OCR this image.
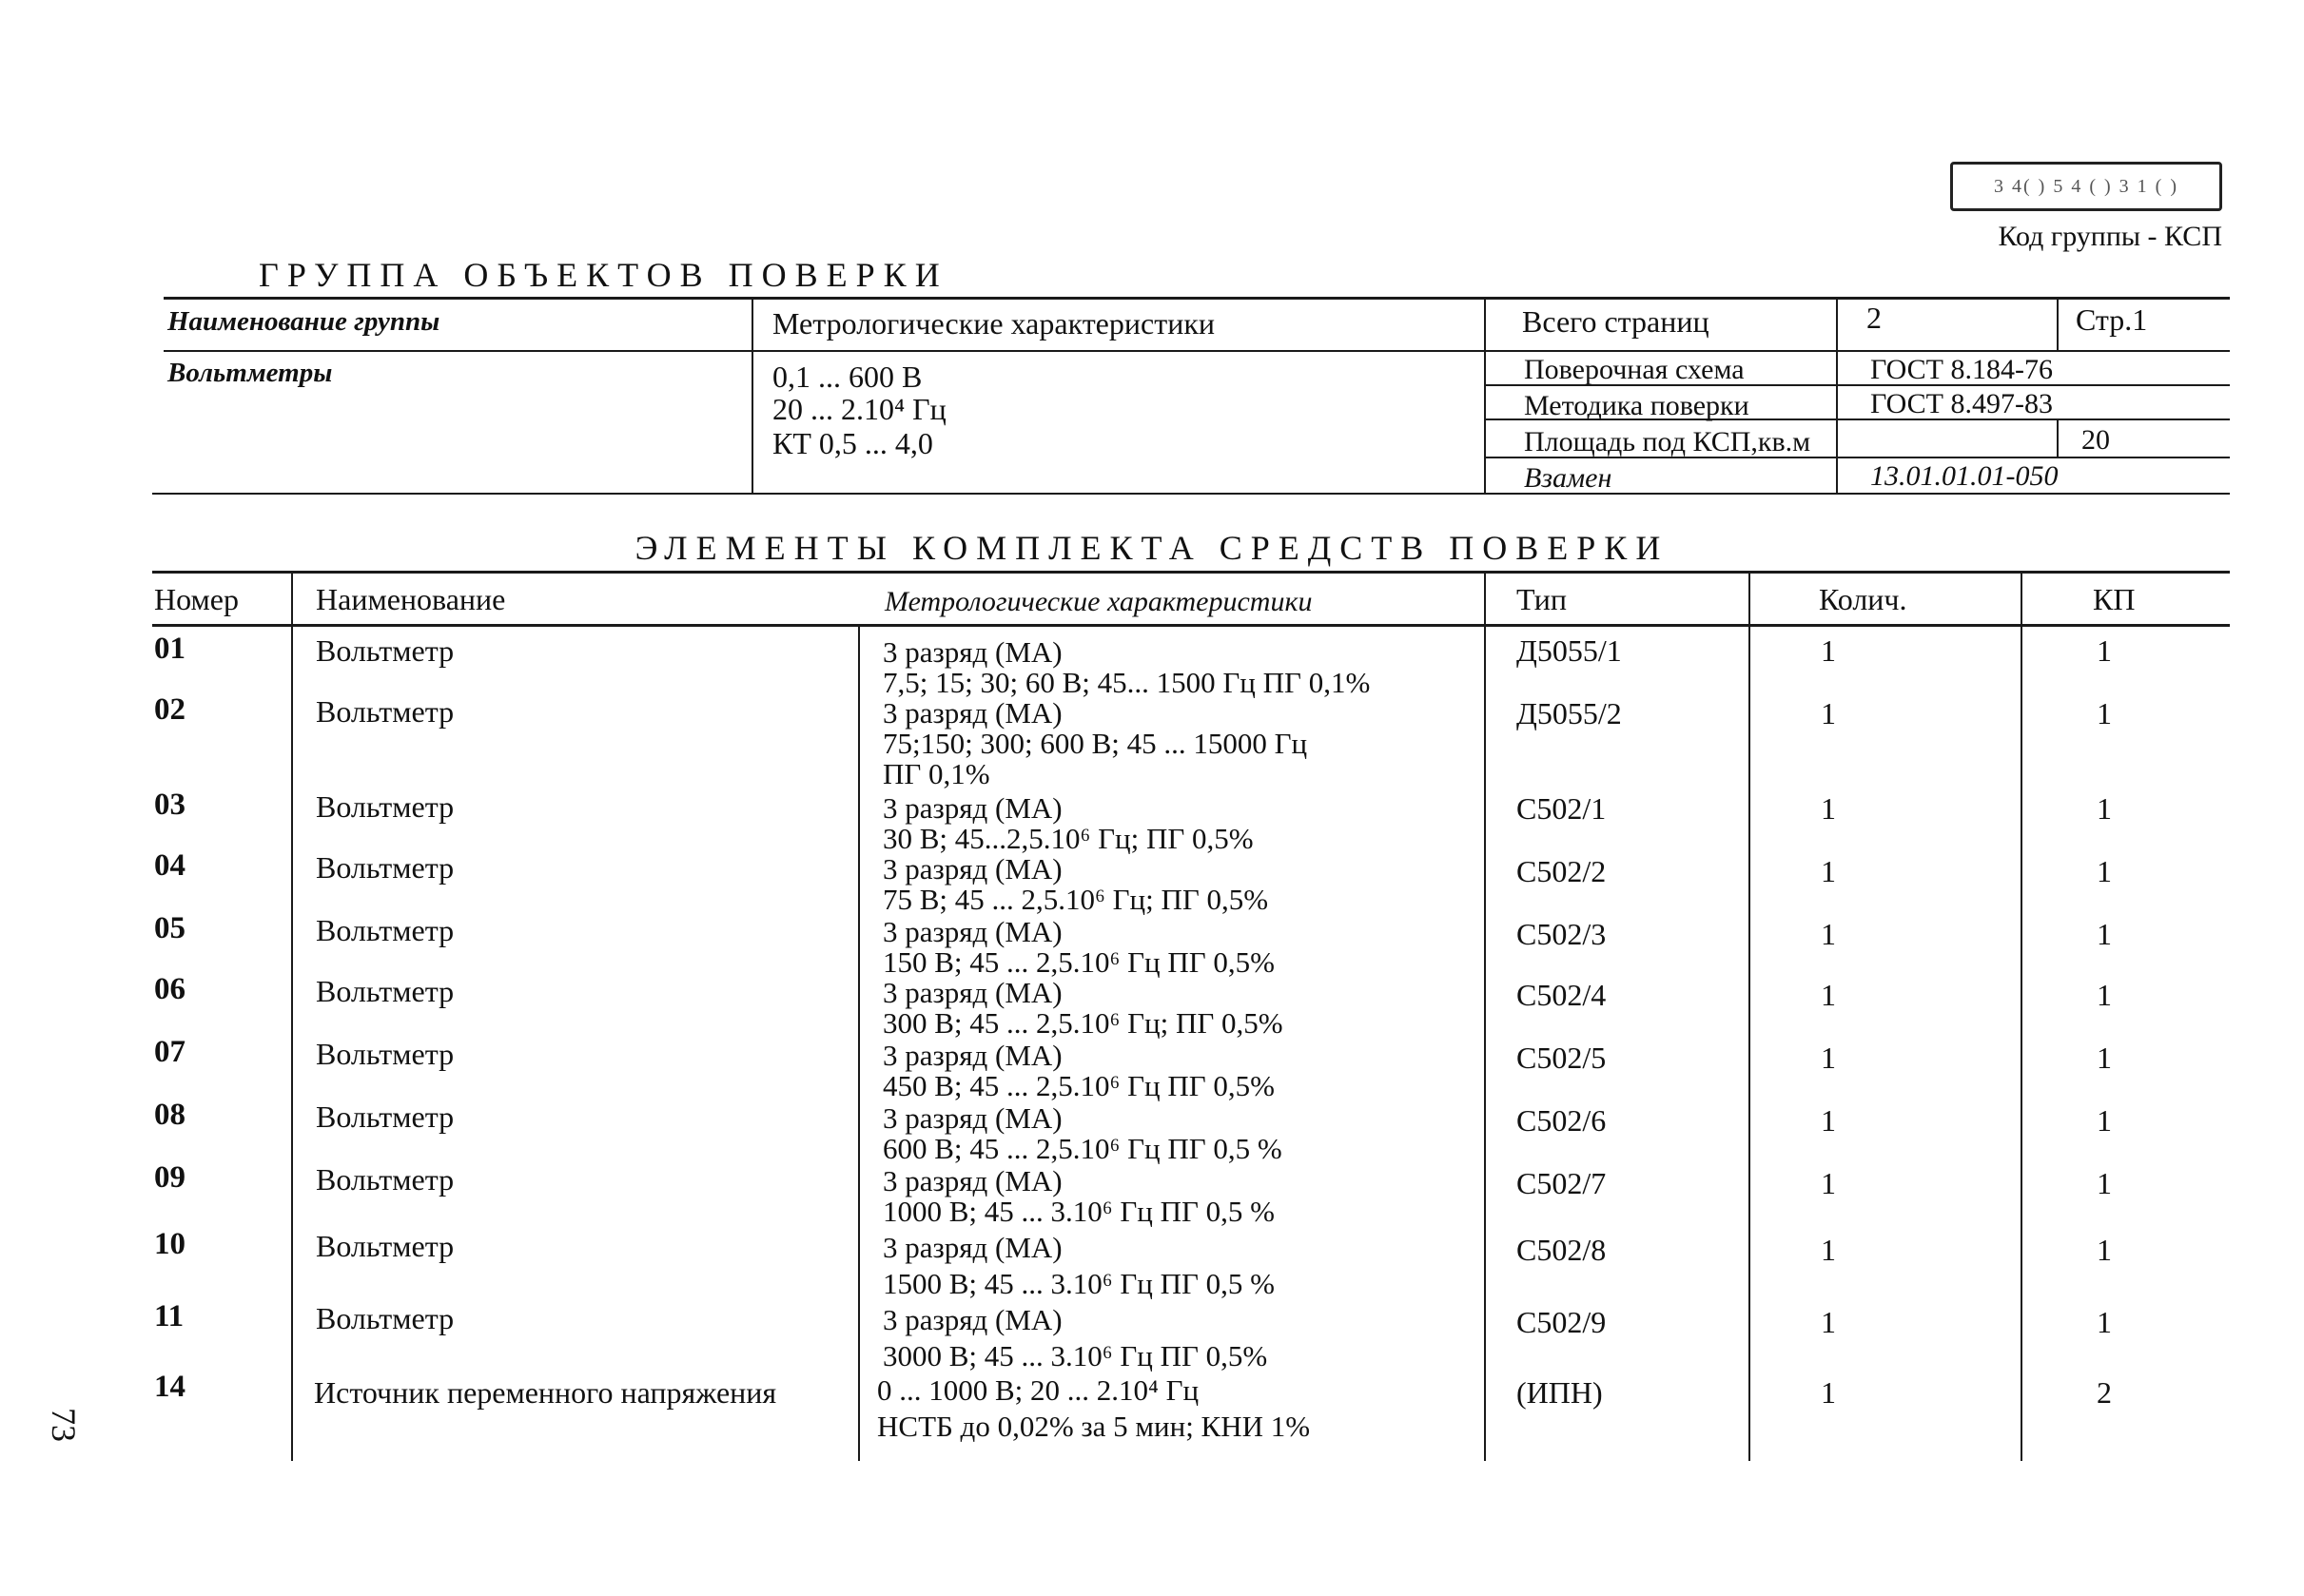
3 4( ) 5 4 ( ) 3 1 ( )
Код группы - КСП
ГРУППА ОБЪЕКТОВ ПОВЕРКИ
Наименование группы	Метрологические характеристики	Всего страниц	2	Стр.1
Вольтметры	0,1 ... 600 В
20 ... 2.10⁴ Гц
КТ 0,5 ... 4,0
Поверочная схема	ГОСТ 8.184-76
Методика поверки	ГОСТ 8.497-83
Площадь под КСП,кв.м	20
Взамен	13.01.01.01-050
ЭЛЕМЕНТЫ КОМПЛЕКТА СРЕДСТВ ПОВЕРКИ
Номер	Наименование	Метрологические характеристики	Тип	Колич.	КП
01	Вольтметр	3 разряд (МА)
7,5; 15; 30; 60 В; 45... 1500 Гц ПГ 0,1%
Д5055/1	1	1
02	Вольтметр	3 разряд (МА)
75;150; 300; 600 В; 45 ... 15000 Гц
ПГ 0,1%
Д5055/2	1	1
03	Вольтметр	3 разряд (МА)
30 В; 45...2,5.10⁶ Гц; ПГ 0,5%
С502/1	1	1
04	Вольтметр	3 разряд (МА)
75 В; 45 ... 2,5.10⁶ Гц; ПГ 0,5%
С502/2	1	1
05	Вольтметр	3 разряд (МА)
150 В; 45 ... 2,5.10⁶ Гц ПГ 0,5%
С502/3	1	1
06	Вольтметр	3 разряд (МА)
300 В; 45 ... 2,5.10⁶ Гц; ПГ 0,5%
С502/4	1	1
07	Вольтметр	3 разряд (МА)
450 В; 45 ... 2,5.10⁶ Гц ПГ 0,5%
С502/5	1	1
08	Вольтметр	3 разряд (МА)
600 В; 45 ... 2,5.10⁶ Гц ПГ 0,5 %
С502/6	1	1
09	Вольтметр	3 разряд (МА)
1000 В; 45 ... 3.10⁶ Гц ПГ 0,5 %
С502/7	1	1
10	Вольтметр	3 разряд (МА)
1500 В; 45 ... 3.10⁶ Гц ПГ 0,5 %
С502/8	1	1
11	Вольтметр	3 разряд (МА)
3000 В; 45 ... 3.10⁶ Гц ПГ 0,5%
С502/9	1	1
14	Источник переменного напряжения	0 ... 1000 В; 20 ... 2.10⁴ Гц
НСТБ до 0,02% за 5 мин; КНИ 1%
(ИПН)	1	2
73
